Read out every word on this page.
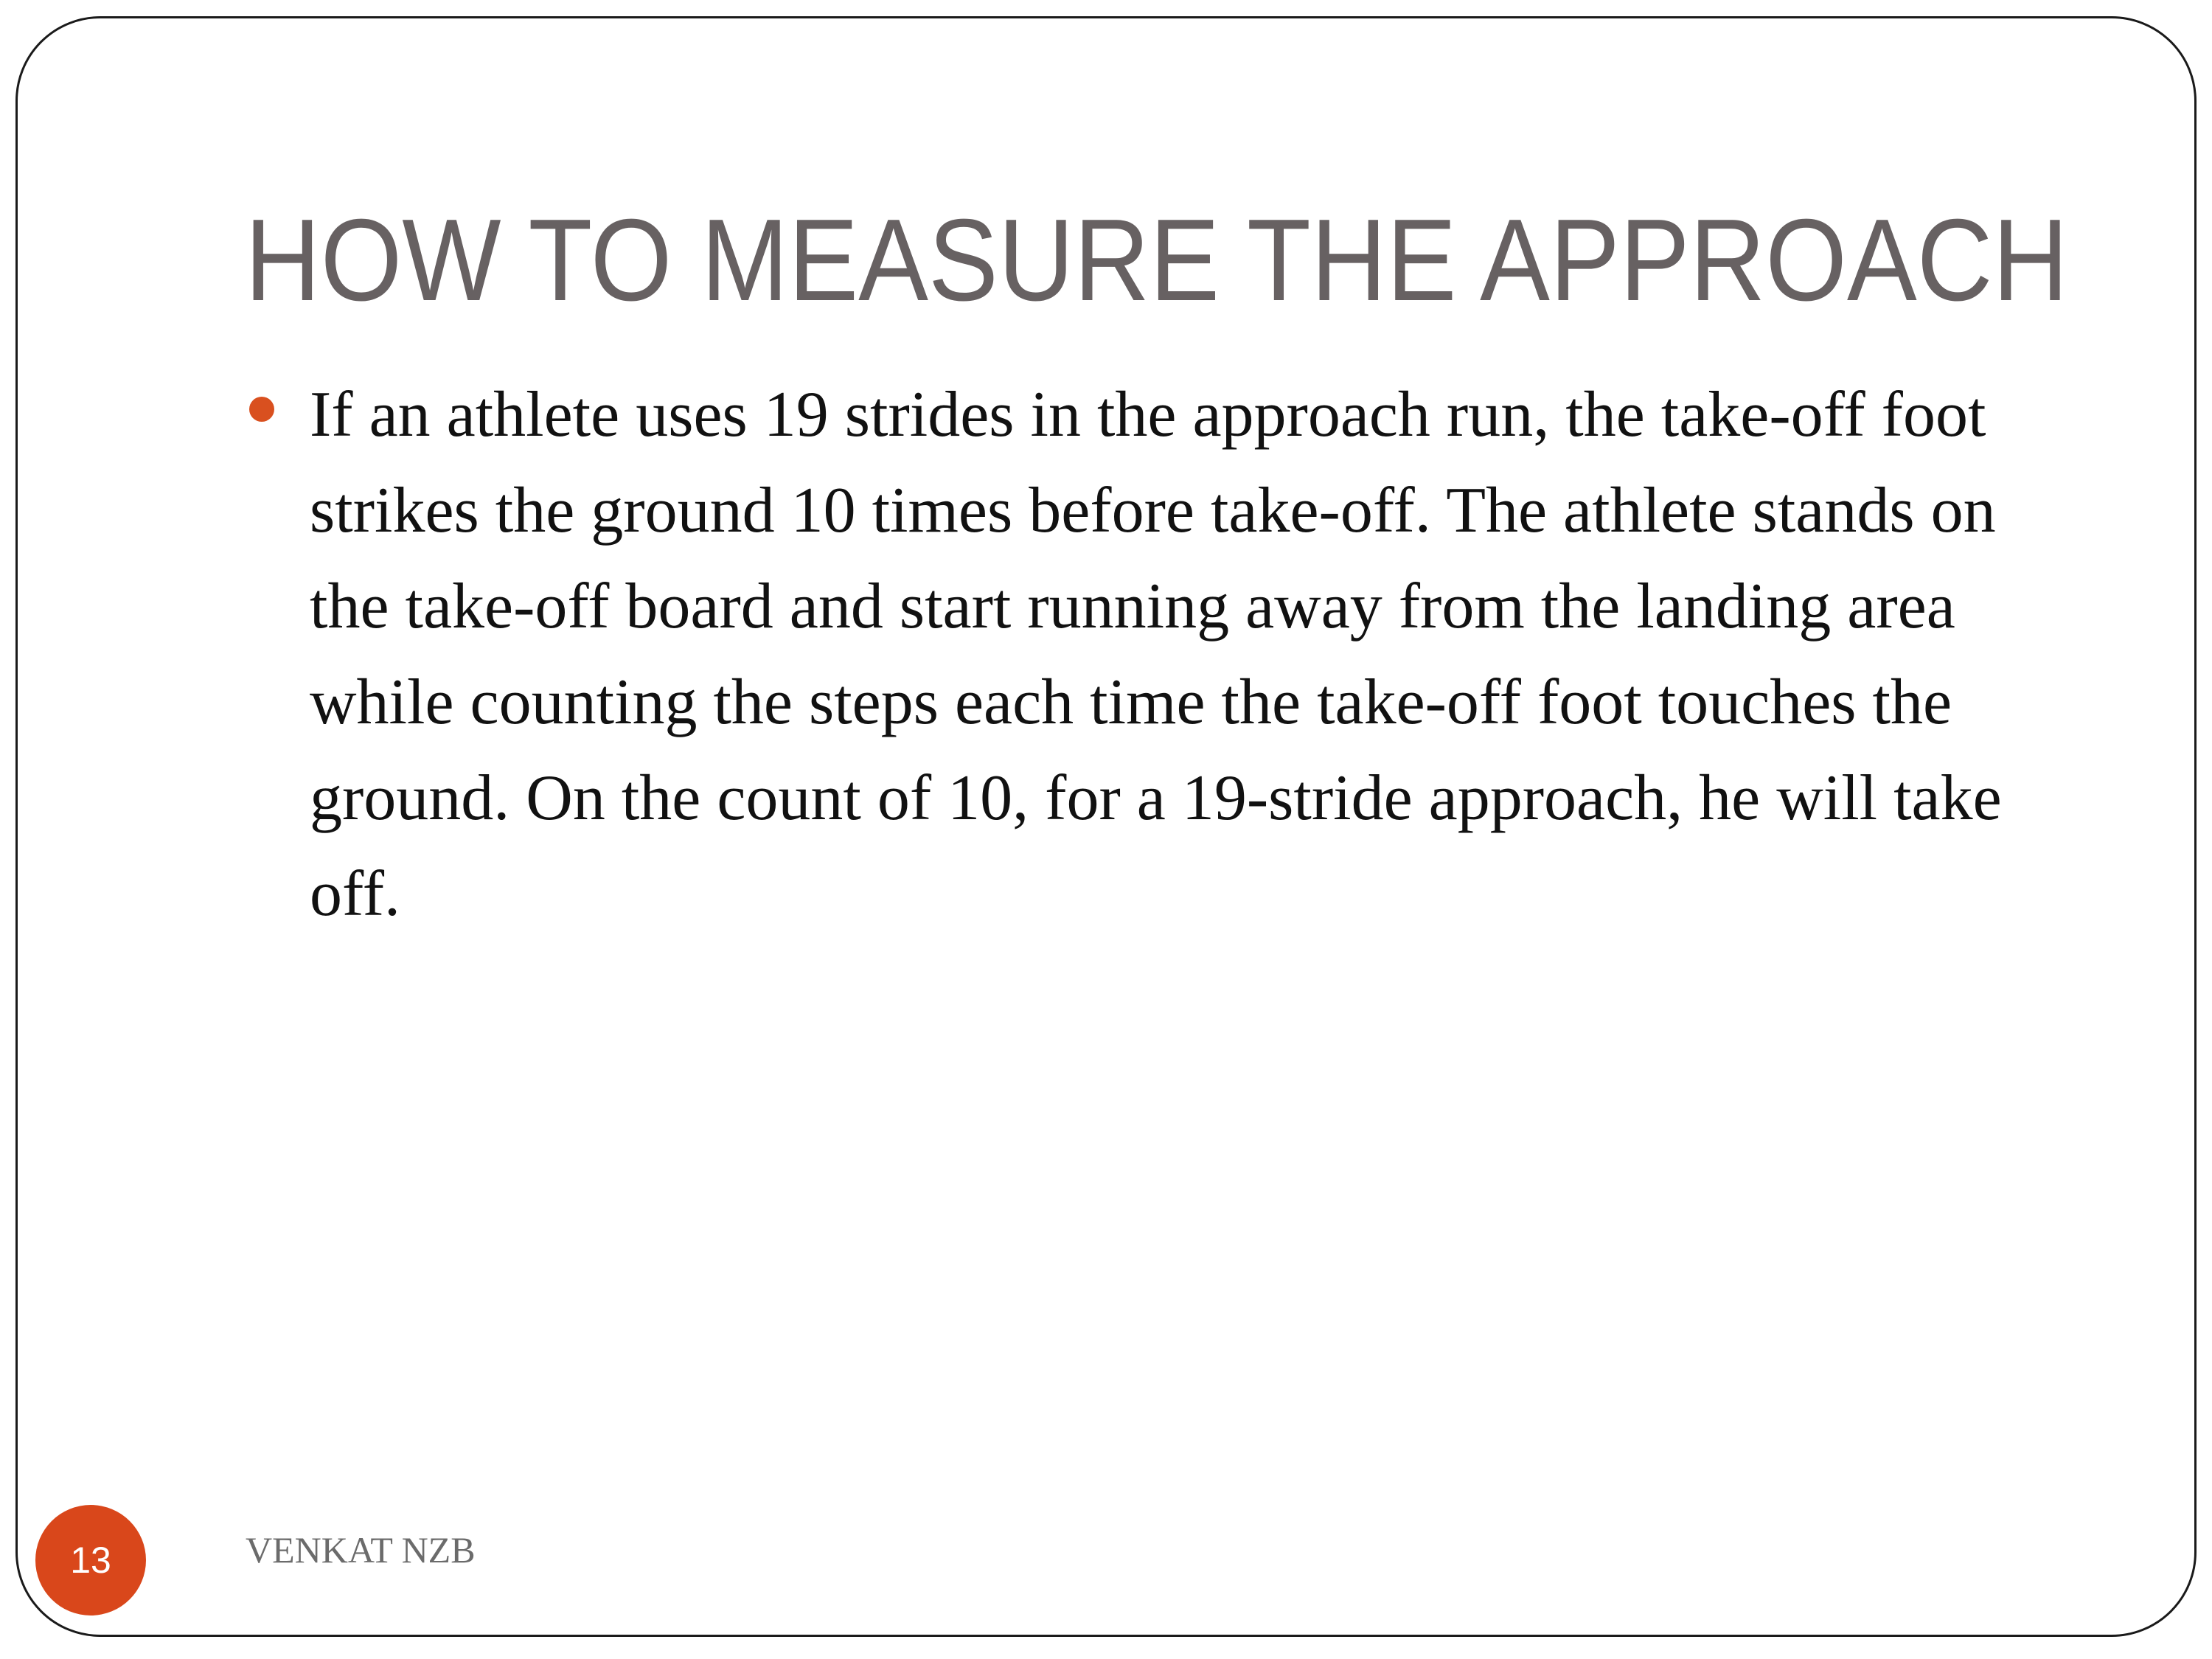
HOW TO MEASURE THE APPROACH
If an athlete uses 19 strides in the approach run, the take-off foot strikes the ground 10 times before take-off. The athlete stands on the take-off board and start running away from the landing area while counting the steps each time the take-off foot touches the ground. On the count of 10, for a 19-stride approach, he will take off.
13	VENKAT NZB
